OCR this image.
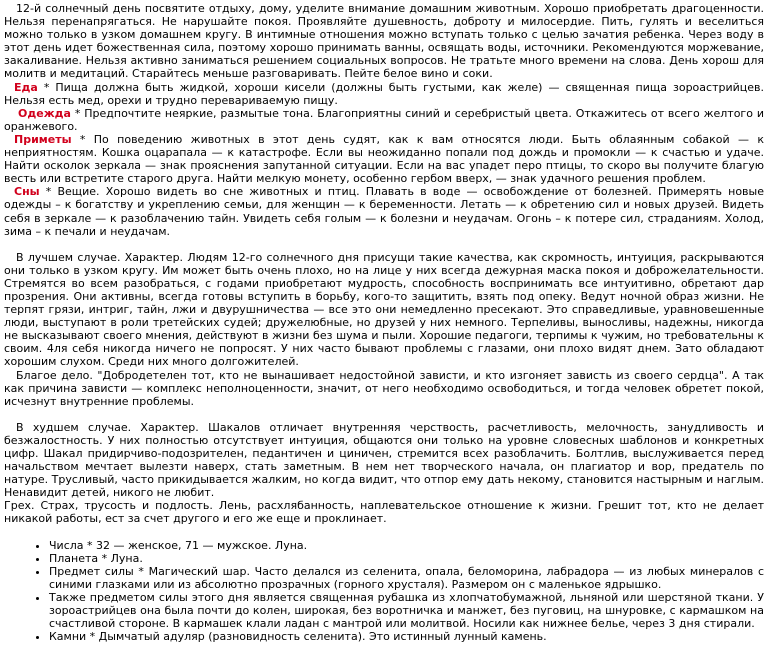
12-й солнечный день посвятите отдыху, дому, уделите внимание домашним животным. Хорошо приобретать драгоценности. Нельзя перенапрягаться. Не нарушайте покоя. Проявляйте душевность, доброту и милосердие. Пить, гулять и веселиться можно только в узком домашнем кругу. В интимные отношения можно вступать только с целью зачатия ребенка. Через воду в этот день идет божественная сила, поэтому хорошо принимать ванны, освящать воды, источники. Рекомендуются моржевание, закаливание. Нельзя активно заниматься решением социальных вопросов. Не тратьте много времени на слова. День хорош для молитв и медитаций. Старайтесь меньше разговаривать. Пейте белое вино и соки.

Еда * Пища должна быть жидкой, хороши кисели (должны быть густыми, как желе) — священная пища зороастрийцев. Нельзя есть мед, орехи и трудно перевариваемую пищу.

Одежда * Предпочтите неяркие, размытые тона. Благоприятны синий и серебристый цвета. Откажитесь от всего желтого и оранжевого.

Приметы * По поведению животных в этот день судят, как к вам относятся люди. Быть облаянным собакой — к неприятностям. Кошка оцарапала — к катастрофе. Если вы неожиданно попали под дождь и промокли — к счастью и удаче. Найти осколок зеркала — знак прояснения запутанной ситуации. Если на вас упадет перо птицы, то скоро вы получите благую весть или встретите старого друга. Найти мелкую монету, особенно гербом вверх, — знак удачного решения проблем.

Сны * Вещие. Хорошо видеть во сне животных и птиц. Плавать в воде — освобождение от болезней. Примерять новые одежды – к богатству и укреплению семьи, для женщин — к беременности. Летать — к обретению сил и новых друзей. Видеть себя в зеркале — к разоблачению тайн. Увидеть себя голым — к болезни и неудачам. Огонь – к потере сил, страданиям. Холод, зима – к печали и неудачам.

В лучшем случае. Характер. Людям 12-го солнечного дня присущи такие качества, как скромность, интуиция, раскрываются они только в узком кругу. Им может быть очень плохо, но на лице у них всегда дежурная маска покоя и доброжелательности. Стремятся во всем разобраться, с годами приобретают мудрость, способность воспринимать все интуитивно, обретают дар прозрения. Они активны, всегда готовы вступить в борьбу, кого-то защитить, взять под опеку. Ведут ночной образ жизни. Не терпят грязи, интриг, тайн, лжи и двурушничества — все это они немедленно пресекают. Это справедливые, уравновешенные люди, выступают в роли третейских судей; дружелюбные, но друзей у них немного. Терпеливы, выносливы, надежны, никогда не высказывают своего мнения, действуют в жизни без шума и пыли. Хорошие педагоги, терпимы к чужим, но требовательны к своим. 4ля себя никогда ничего не попросят. У них часто бывают проблемы с глазами, они плохо видят днем. Зато обладают хорошим слухом. Среди них много долгожителей.

Благое дело. "Добродетелен тот, кто не вынашивает недостойной зависти, и кто изгоняет зависть из своего сердца". А так как причина зависти — комплекс неполноценности, значит, от него необходимо освободиться, и тогда человек обретет покой, исчезнут внутренние проблемы.

В худшем случае. Характер. Шакалов отличает внутренняя черствость, расчетливость, мелочность, занудливость и безжалостность. У них полностью отсутствует интуиция, общаются они только на уровне словесных шаблонов и конкретных цифр. Шакал придирчиво-подозрителен, педантичен и циничен, стремится всех разоблачить. Болтлив, выслуживается перед начальством мечтает вылезти наверх, стать заметным. В нем нет творческого начала, он плагиатор и вор, предатель по натуре. Трусливый, часто прикидывается жалким, но когда видит, что отпор ему дать некому, становится настырным и наглым. Ненавидит детей, никого не любит.

Грех. Страх, трусость и подлость. Лень, расхлябанность, наплевательское отношение к жизни. Грешит тот, кто не делает никакой работы, ест за счет другого и его же еще и проклинает.

• Числа * 32 — женское, 71 — мужское. Луна.
• Планета * Луна.
• Предмет силы * Магический шар. Часто делался из селенита, опала, беломорина, лабрадора — из любых минералов с синими глазками или из абсолютно прозрачных (горного хрусталя). Размером он с маленькое ядрышко.
• Также предметом силы этого дня является священная рубашка из хлопчатобумажной, льняной или шерстяной ткани. У зороастрийцев она была почти до колен, широкая, без воротничка и манжет, без пуговиц, на шнуровке, с кармашком на счастливой стороне. В кармашек клали ладан с мантрой или молитвой. Носили как нижнее белье, через 3 дня стирали.
• Камни * Дымчатый адуляр (разновидность селенита). Это истинный лунный камень.
